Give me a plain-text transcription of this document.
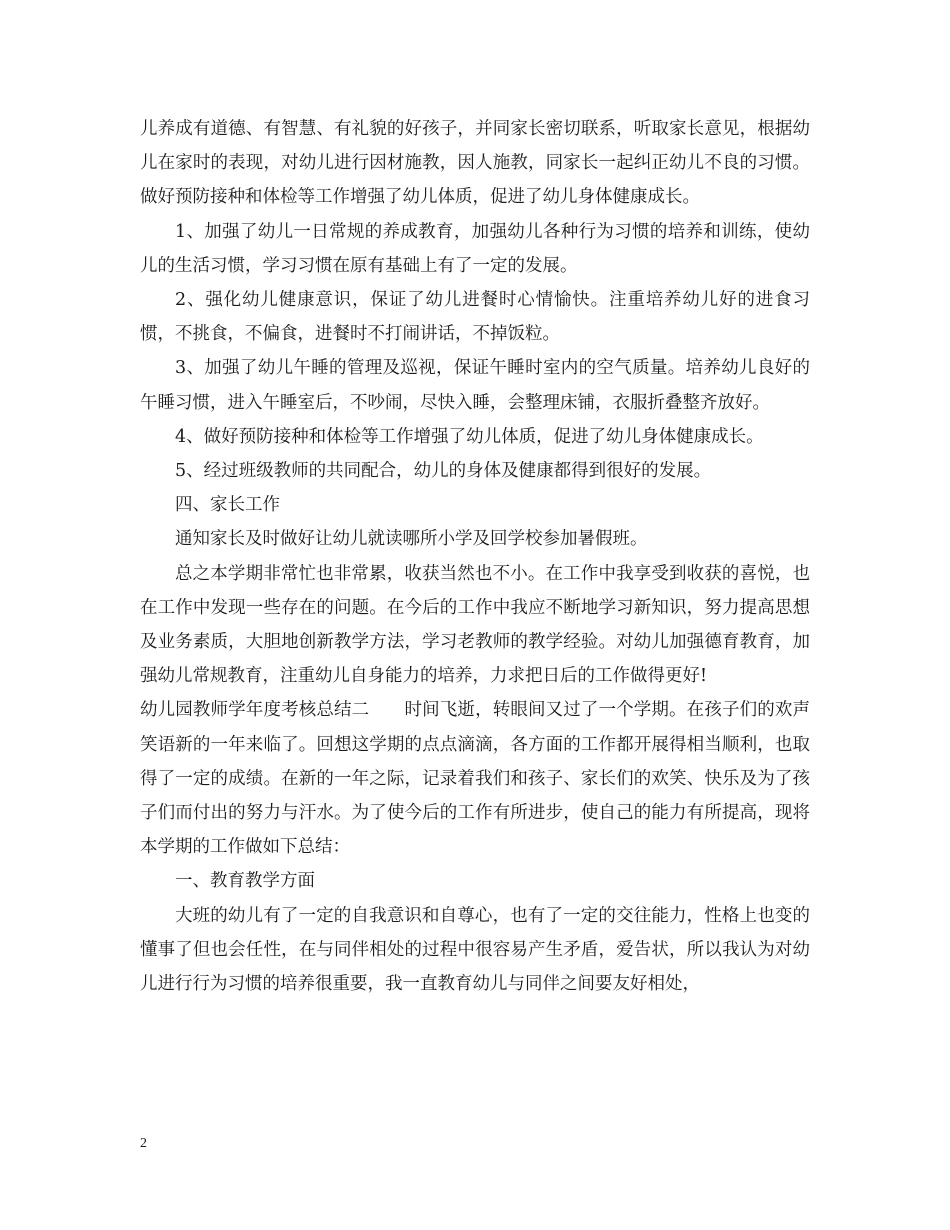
儿养成有道德、有智慧、有礼貌的好孩子，并同家长密切联系，听取家长意见，根据幼儿在家时的表现，对幼儿进行因材施教，因人施教，同家长一起纠正幼儿不良的习惯。做好预防接种和体检等工作增强了幼儿体质，促进了幼儿身体健康成长。

1、加强了幼儿一日常规的养成教育，加强幼儿各种行为习惯的培养和训练，使幼儿的生活习惯，学习习惯在原有基础上有了一定的发展。

2、强化幼儿健康意识，保证了幼儿进餐时心情愉快。注重培养幼儿好的进食习惯，不挑食，不偏食，进餐时不打闹讲话，不掉饭粒。

3、加强了幼儿午睡的管理及巡视，保证午睡时室内的空气质量。培养幼儿良好的午睡习惯，进入午睡室后，不吵闹，尽快入睡，会整理床铺，衣服折叠整齐放好。

4、做好预防接种和体检等工作增强了幼儿体质，促进了幼儿身体健康成长。

5、经过班级教师的共同配合，幼儿的身体及健康都得到很好的发展。

四、家长工作

通知家长及时做好让幼儿就读哪所小学及回学校参加暑假班。

总之本学期非常忙也非常累，收获当然也不小。在工作中我享受到收获的喜悦，也在工作中发现一些存在的问题。在今后的工作中我应不断地学习新知识，努力提高思想及业务素质，大胆地创新教学方法，学习老教师的教学经验。对幼儿加强德育教育，加强幼儿常规教育，注重幼儿自身能力的培养，力求把日后的工作做得更好!

幼儿园教师学年度考核总结二　　时间飞逝，转眼间又过了一个学期。在孩子们的欢声笑语新的一年来临了。回想这学期的点点滴滴，各方面的工作都开展得相当顺利，也取得了一定的成绩。在新的一年之际，记录着我们和孩子、家长们的欢笑、快乐及为了孩子们而付出的努力与汗水。为了使今后的工作有所进步，使自己的能力有所提高，现将本学期的工作做如下总结：

一、教育教学方面

大班的幼儿有了一定的自我意识和自尊心，也有了一定的交往能力，性格上也变的懂事了但也会任性，在与同伴相处的过程中很容易产生矛盾，爱告状，所以我认为对幼儿进行行为习惯的培养很重要，我一直教育幼儿与同伴之间要友好相处，

2
